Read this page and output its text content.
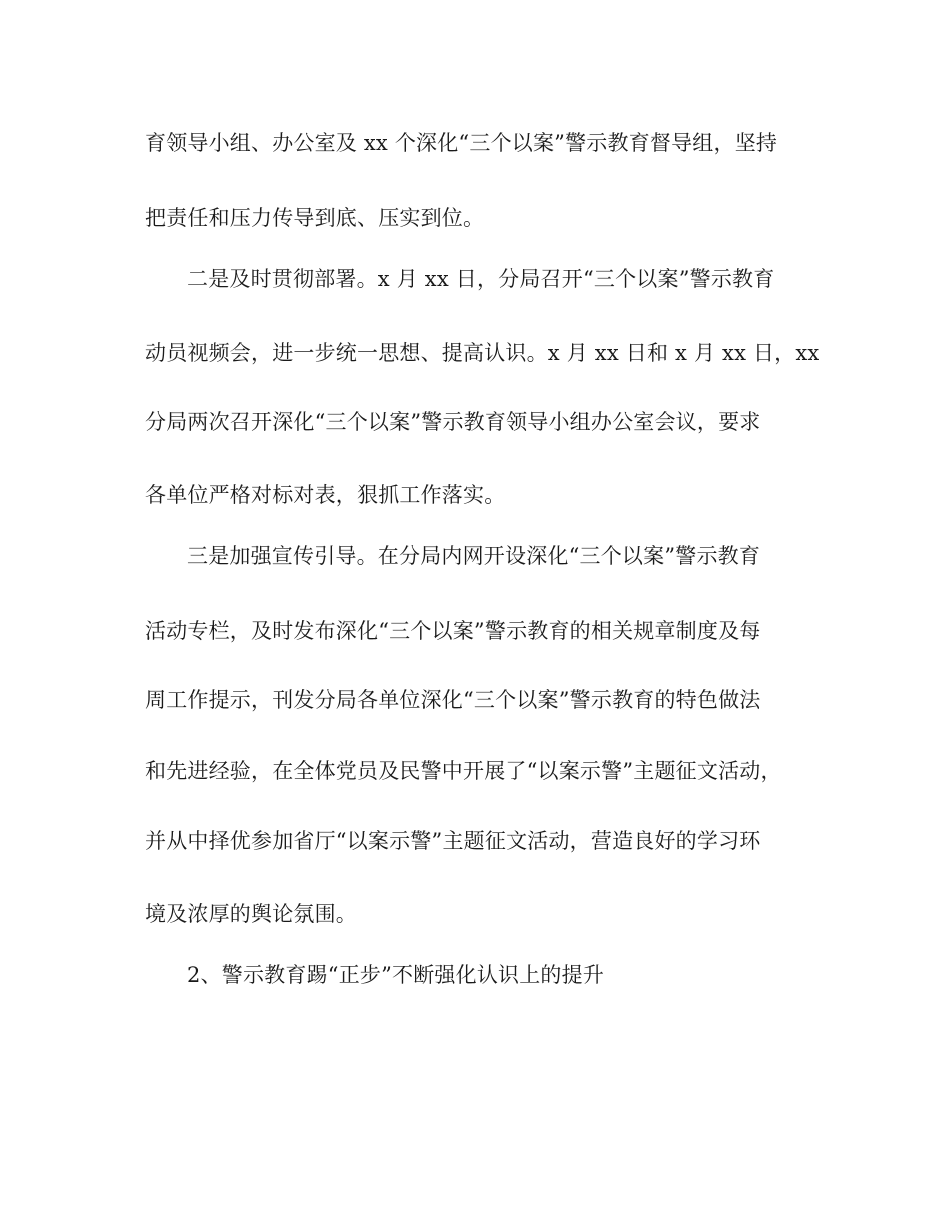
育领导小组、办公室及 xx 个深化“三个以案”警示教育督导组，坚持
把责任和压力传导到底、压实到位。
二是及时贯彻部署。x 月 xx 日，分局召开“三个以案”警示教育
动员视频会，进一步统一思想、提高认识。x 月 xx 日和 x 月 xx 日，xx
分局两次召开深化“三个以案”警示教育领导小组办公室会议，要求
各单位严格对标对表，狠抓工作落实。
三是加强宣传引导。在分局内网开设深化“三个以案”警示教育
活动专栏，及时发布深化“三个以案”警示教育的相关规章制度及每
周工作提示，刊发分局各单位深化“三个以案”警示教育的特色做法
和先进经验，在全体党员及民警中开展了“以案示警”主题征文活动，
并从中择优参加省厅“以案示警”主题征文活动，营造良好的学习环
境及浓厚的舆论氛围。
2、警示教育踢“正步”不断强化认识上的提升
